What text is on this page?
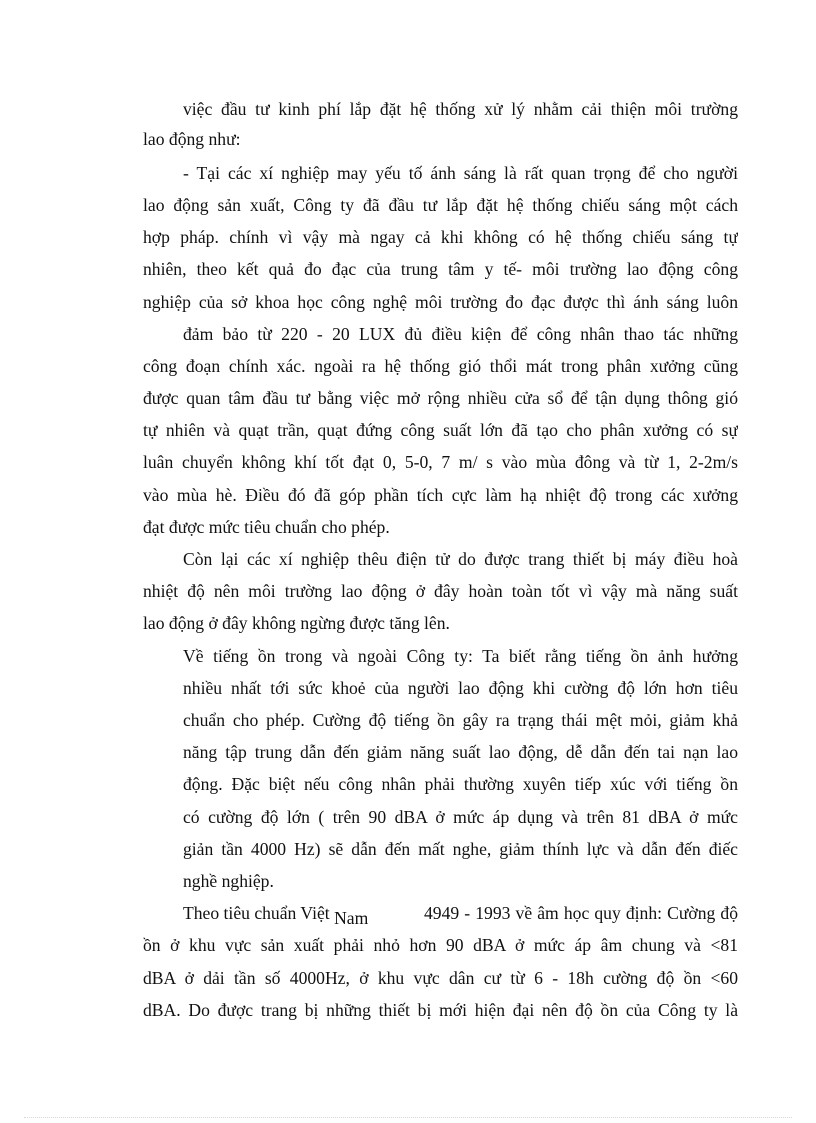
việc đầu tư kinh phí lắp đặt hệ thống xử lý nhằm cải thiện môi trường
lao động như:
- Tại các xí nghiệp may yếu tố ánh sáng là rất quan trọng để cho người
lao động sản xuất, Công ty đã đầu tư lắp đặt hệ thống chiếu sáng một cách
hợp pháp. chính vì vậy mà ngay cả khi không có hệ thống chiếu sáng tự
nhiên, theo kết quả đo đạc của trung tâm y tế- môi trường lao động công
nghiệp của sở khoa học công nghệ môi trường đo đạc được thì ánh sáng luôn
đảm bảo từ 220 - 20 LUX đủ điều kiện để công nhân thao tác những
công đoạn chính xác. ngoài ra hệ thống gió thổi mát trong phân xưởng cũng
được quan tâm đầu tư bằng việc mở rộng nhiều cửa sổ để tận dụng thông gió
tự nhiên và quạt trần, quạt đứng công suất lớn đã tạo cho phân xưởng có sự
luân chuyển không khí tốt đạt 0, 5-0, 7 m/ s vào mùa đông và từ 1, 2-2m/s
vào mùa hè. Điều đó đã góp phần tích cực làm hạ nhiệt độ trong các xưởng
đạt được mức tiêu chuẩn cho phép.
Còn lại các xí nghiệp thêu điện tử do được trang thiết bị máy điều hoà
nhiệt độ nên môi trường lao động ở đây hoàn toàn tốt vì vậy mà năng suất
lao động ở đây không ngừng được tăng lên.
Về tiếng ồn trong và ngoài Công ty: Ta biết rằng tiếng ồn ảnh hưởng
nhiều nhất tới sức khoẻ của người lao động khi cường độ lớn hơn tiêu
chuẩn cho phép. Cường độ tiếng ồn gây ra trạng thái mệt mỏi, giảm khả
năng tập trung dẫn đến giảm năng suất lao động, dễ dẫn đến tai nạn lao
động. Đặc biệt nếu công nhân phải thường xuyên tiếp xúc với tiếng ồn
có cường độ lớn ( trên 90 dBA ở mức áp dụng và trên 81 dBA ở mức
giản tần 4000 Hz) sẽ dẫn đến mất nghe, giảm thính lực và dẫn đến điếc
nghề nghiệp.
Theo tiêu chuẩn Việt Nam	4949 - 1993 về âm học quy định: Cường độ
ồn ở khu vực sản xuất phải nhỏ hơn 90 dBA ở mức áp âm chung và <81
dBA ở dải tần số 4000Hz, ở khu vực dân cư từ 6 - 18h cường độ ồn <60
dBA. Do được trang bị những thiết bị mới hiện đại nên độ ồn của Công ty là
